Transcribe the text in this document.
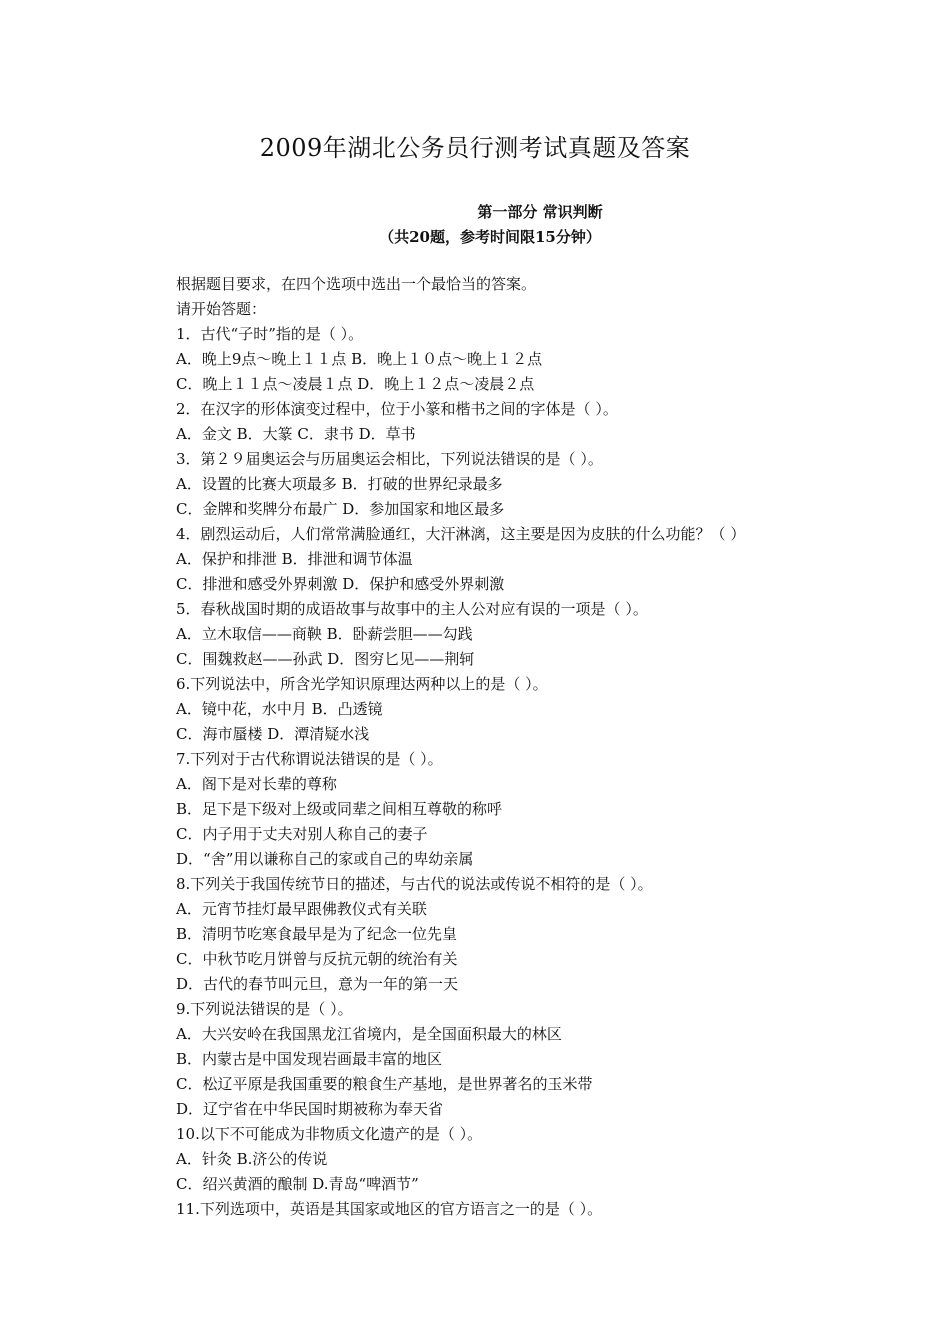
2009年湖北公务员行测考试真题及答案
第一部分 常识判断
（共20题，参考时间限15分钟）
根据题目要求，在四个选项中选出一个最恰当的答案。
请开始答题：
1．古代“子时”指的是（ ）。
A．晚上9点～晚上１１点 B．晚上１０点～晚上１２点
C．晚上１１点～凌晨１点 D．晚上１２点～凌晨２点
2．在汉字的形体演变过程中，位于小篆和楷书之间的字体是（ ）。
A．金文 B．大篆 C．隶书 D．草书
3．第２９届奥运会与历届奥运会相比，下列说法错误的是（ ）。
A．设置的比赛大项最多 B．打破的世界纪录最多
C．金牌和奖牌分布最广 D．参加国家和地区最多
4．剧烈运动后，人们常常满脸通红，大汗淋漓，这主要是因为皮肤的什么功能？（ ）
A．保护和排泄 B．排泄和调节体温
C．排泄和感受外界刺激 D．保护和感受外界刺激
5．春秋战国时期的成语故事与故事中的主人公对应有误的一项是（ ）。
A．立木取信——商鞅 B．卧薪尝胆——勾践
C．围魏救赵——孙武 D．图穷匕见——荆轲
6.下列说法中，所含光学知识原理达两种以上的是（ ）。
A．镜中花，水中月 B．凸透镜
C．海市蜃楼 D．潭清疑水浅
7.下列对于古代称谓说法错误的是（ ）。
A．阁下是对长辈的尊称
B．足下是下级对上级或同辈之间相互尊敬的称呼
C．内子用于丈夫对别人称自己的妻子
D．“舍”用以谦称自己的家或自己的卑幼亲属
8.下列关于我国传统节日的描述，与古代的说法或传说不相符的是（ ）。
A．元宵节挂灯最早跟佛教仪式有关联
B．清明节吃寒食最早是为了纪念一位先皇
C．中秋节吃月饼曾与反抗元朝的统治有关
D．古代的春节叫元旦，意为一年的第一天
9.下列说法错误的是（ ）。
A．大兴安岭在我国黑龙江省境内，是全国面积最大的林区
B．内蒙古是中国发现岩画最丰富的地区
C．松辽平原是我国重要的粮食生产基地，是世界著名的玉米带
D．辽宁省在中华民国时期被称为奉天省
10.以下不可能成为非物质文化遗产的是（ ）。
A．针灸 B.济公的传说
C．绍兴黄酒的酿制 D.青岛“啤酒节”
11.下列选项中，英语是其国家或地区的官方语言之一的是（ ）。
